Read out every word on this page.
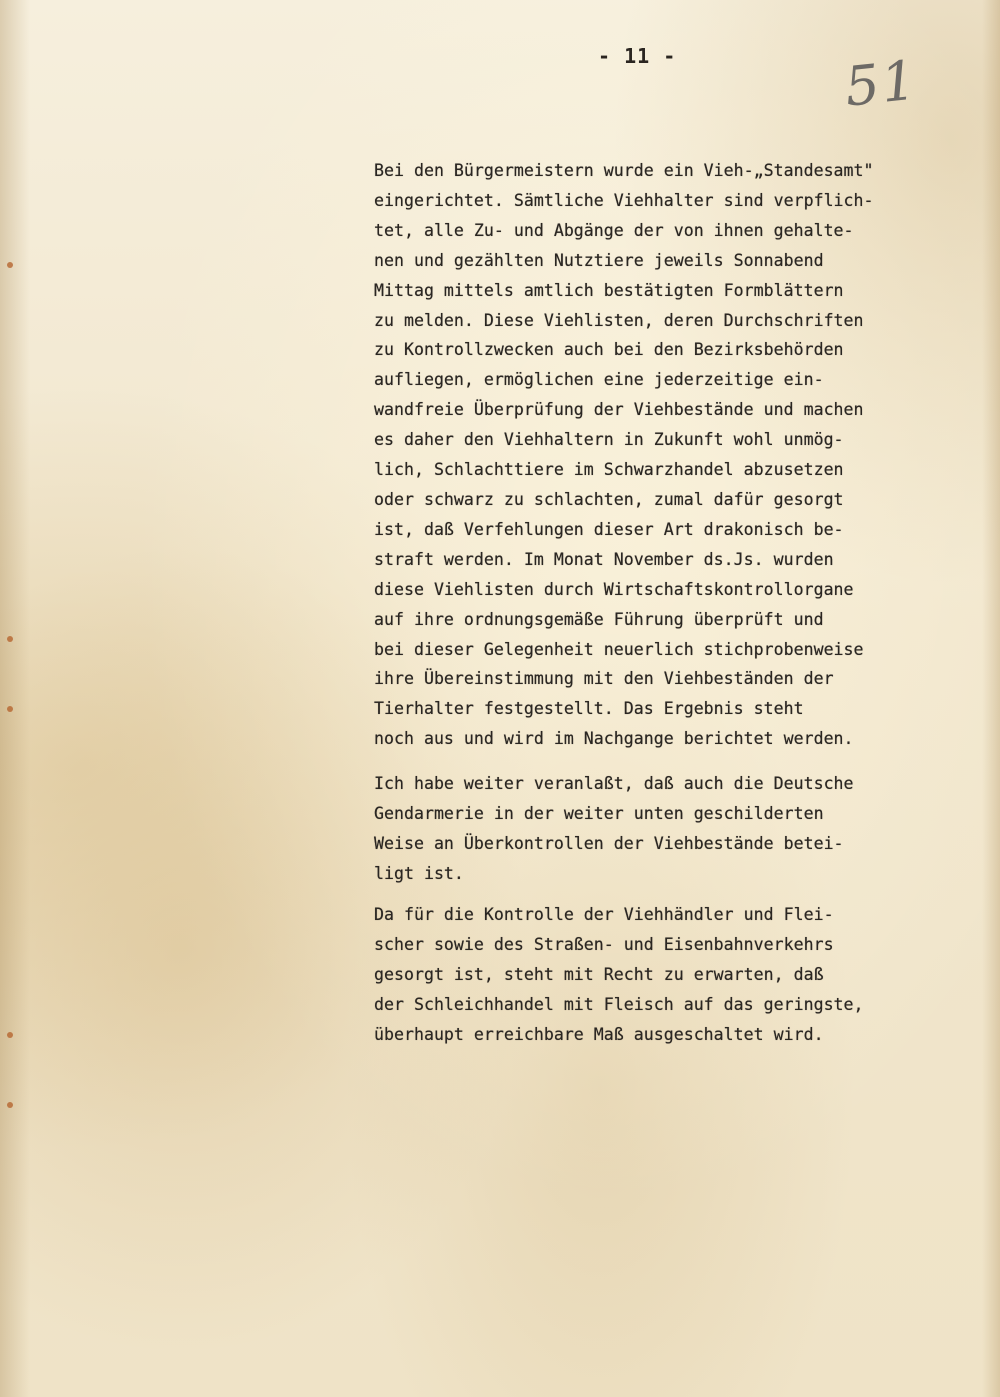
- 11 -	51
Bei den Bürgermeistern wurde ein Vieh-„Standesamt"
eingerichtet. Sämtliche Viehhalter sind verpflich-
tet, alle Zu- und Abgänge der von ihnen gehalte-
nen und gezählten Nutztiere jeweils Sonnabend
Mittag mittels amtlich bestätigten Formblättern
zu melden. Diese Viehlisten, deren Durchschriften
zu Kontrollzwecken auch bei den Bezirksbehörden
aufliegen, ermöglichen eine jederzeitige ein-
wandfreie Überprüfung der Viehbestände und machen
es daher den Viehhaltern in Zukunft wohl unmög-
lich, Schlachttiere im Schwarzhandel abzusetzen
oder schwarz zu schlachten, zumal dafür gesorgt
ist, daß Verfehlungen dieser Art drakonisch be-
straft werden. Im Monat November ds.Js. wurden
diese Viehlisten durch Wirtschaftskontrollorgane
auf ihre ordnungsgemäße Führung überprüft und
bei dieser Gelegenheit neuerlich stichprobenweise
ihre Übereinstimmung mit den Viehbeständen der
Tierhalter festgestellt. Das Ergebnis steht
noch aus und wird im Nachgange berichtet werden.
Ich habe weiter veranlaßt, daß auch die Deutsche
Gendarmerie in der weiter unten geschilderten
Weise an Überkontrollen der Viehbestände betei-
ligt ist.
Da für die Kontrolle der Viehhändler und Flei-
scher sowie des Straßen- und Eisenbahnverkehrs
gesorgt ist, steht mit Recht zu erwarten, daß
der Schleichhandel mit Fleisch auf das geringste,
überhaupt erreichbare Maß ausgeschaltet wird.
